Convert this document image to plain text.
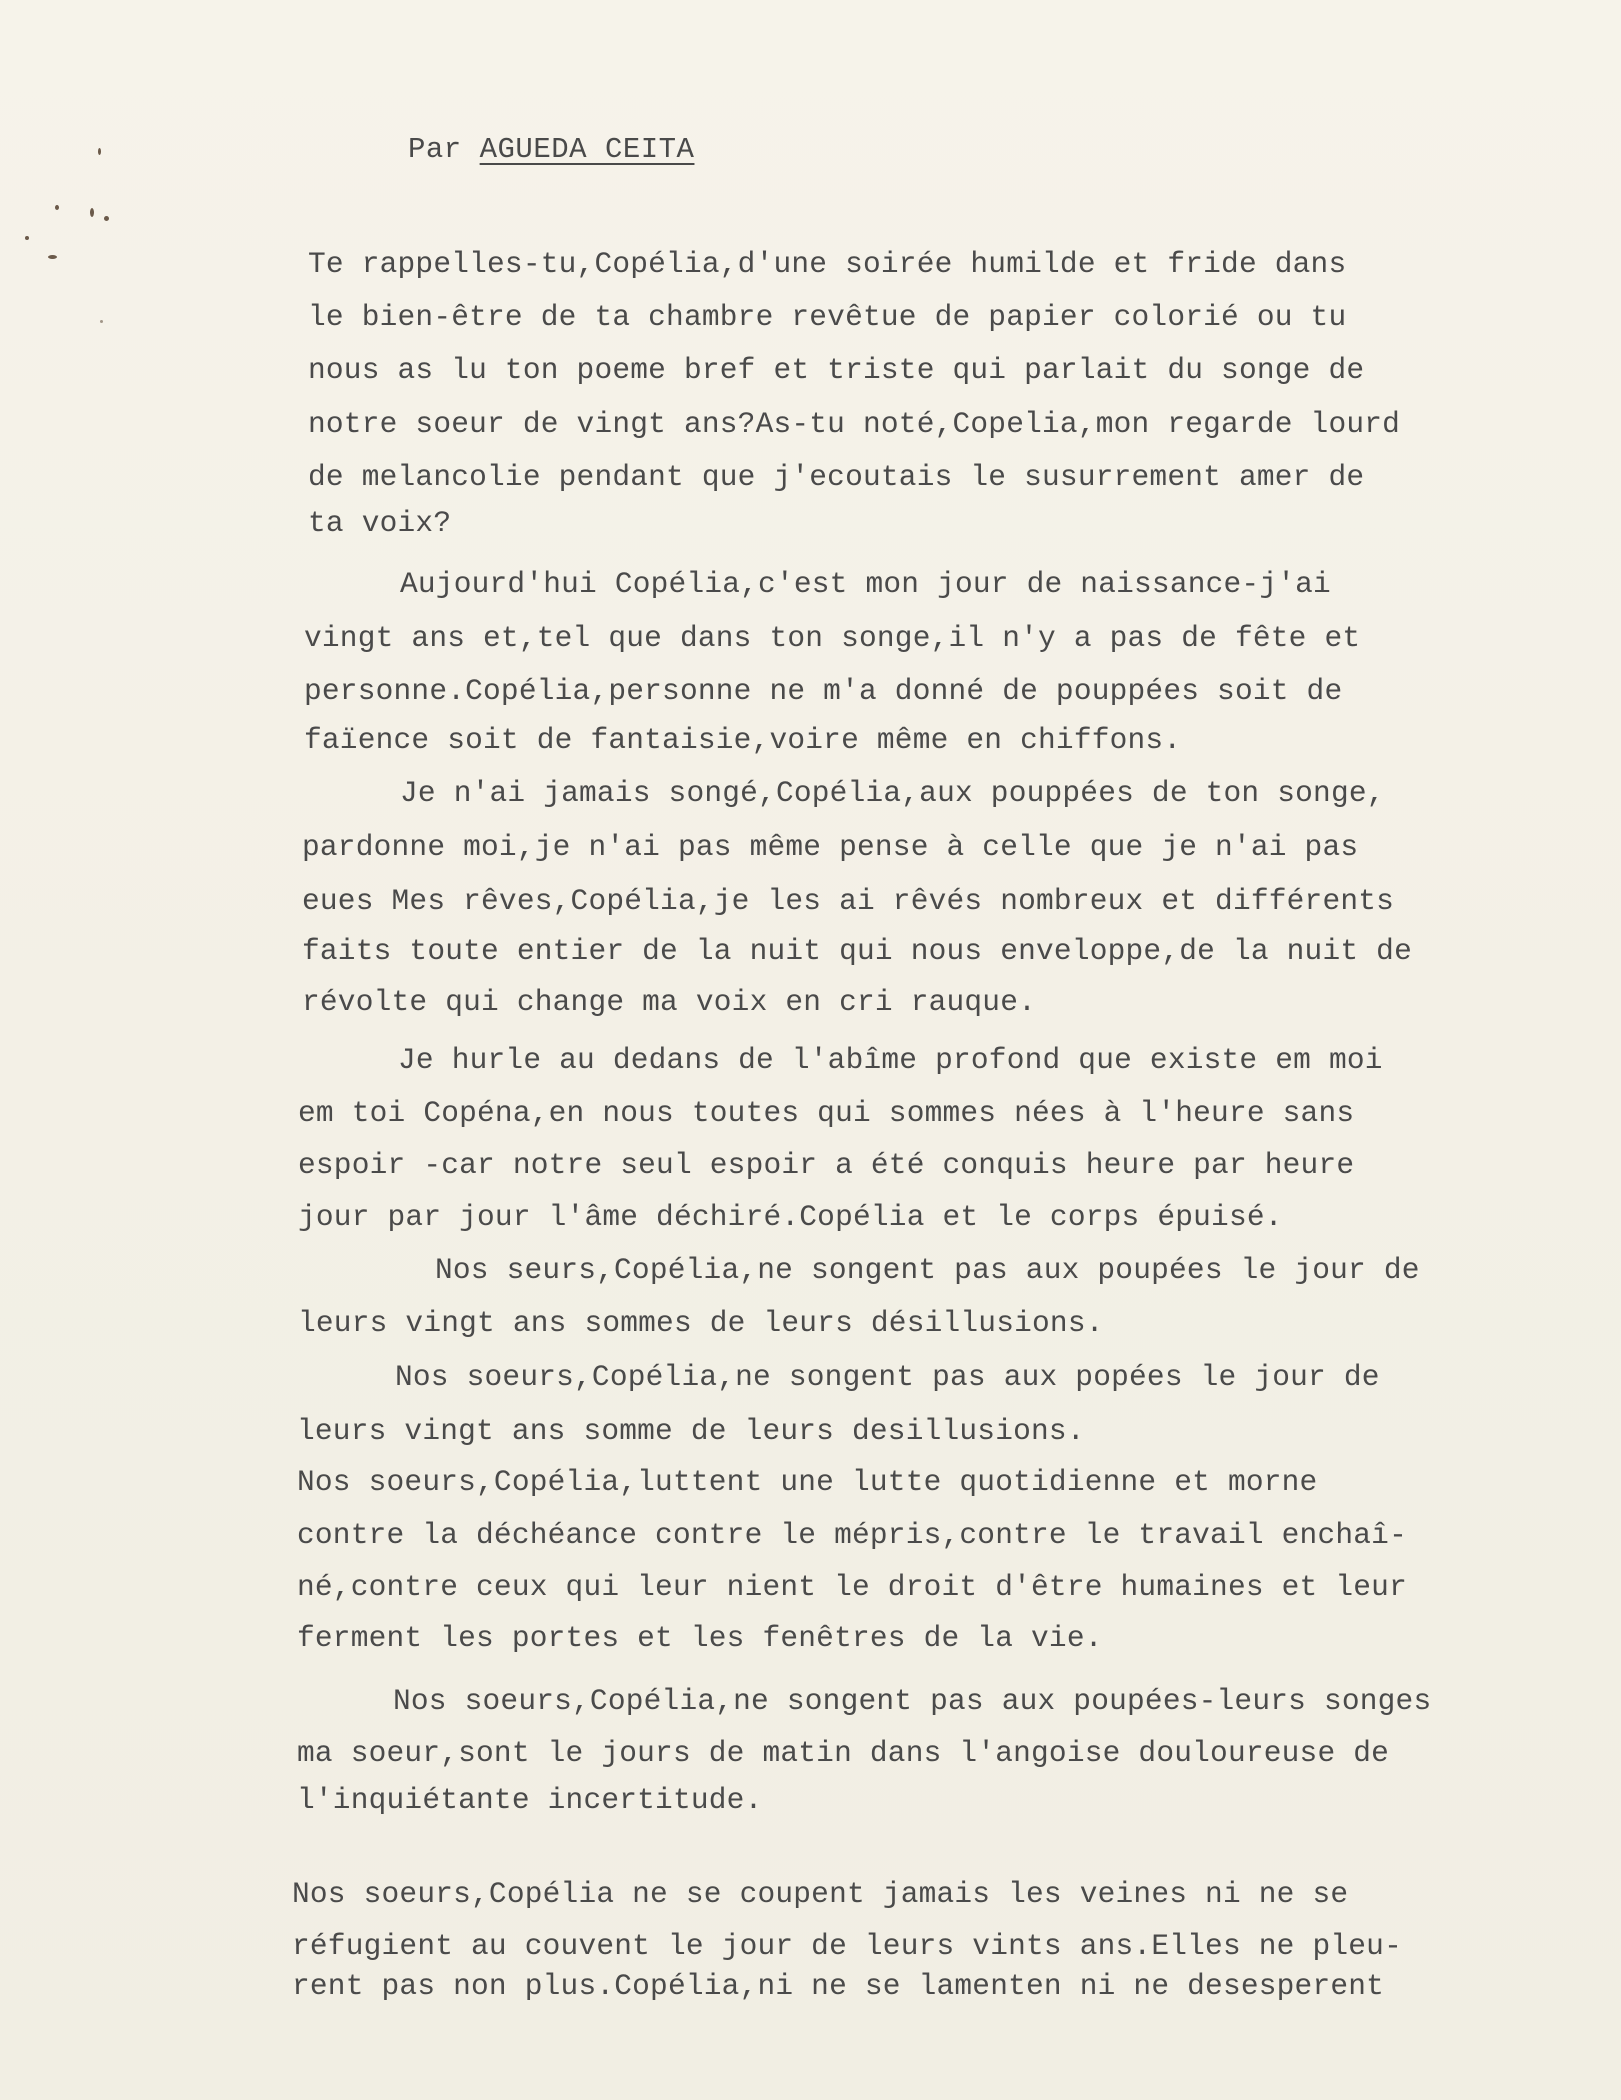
Par AGUEDA CEITA
Te rappelles-tu,Copélia,d'une soirée humilde et fride dans
le bien-être de ta chambre revêtue de papier colorié ou tu
nous as lu ton poeme bref et triste qui parlait du songe de
notre soeur de vingt ans?As-tu noté,Copelia,mon regarde lourd
de melancolie pendant que j'ecoutais le susurrement amer de
ta voix?
Aujourd'hui Copélia,c'est mon jour de naissance-j'ai
vingt ans et,tel que dans ton songe,il n'y a pas de fête et
personne.Copélia,personne ne m'a donné de pouppées soit de
faïence soit de fantaisie,voire même en chiffons.
Je n'ai jamais songé,Copélia,aux pouppées de ton songe,
pardonne moi,je n'ai pas même pense à celle que je n'ai pas
eues Mes rêves,Copélia,je les ai rêvés nombreux et différents
faits toute entier de la nuit qui nous enveloppe,de la nuit de
révolte qui change ma voix en cri rauque.
Je hurle au dedans de l'abîme profond que existe em moi
em toi Copéna,en nous toutes qui sommes nées à l'heure sans
espoir -car notre seul espoir a été conquis heure par heure
jour par jour l'âme déchiré.Copélia et le corps épuisé.
Nos seurs,Copélia,ne songent pas aux poupées le jour de
leurs vingt ans sommes de leurs désillusions.
Nos soeurs,Copélia,ne songent pas aux popées le jour de
leurs vingt ans somme de leurs desillusions.
Nos soeurs,Copélia,luttent une lutte quotidienne et morne
contre la déchéance contre le mépris,contre le travail enchaî-
né,contre ceux qui leur nient le droit d'être humaines et leur
ferment les portes et les fenêtres de la vie.
Nos soeurs,Copélia,ne songent pas aux poupées-leurs songes
ma soeur,sont le jours de matin dans l'angoise douloureuse de
l'inquiétante incertitude.
Nos soeurs,Copélia ne se coupent jamais les veines ni ne se
réfugient au couvent le jour de leurs vints ans.Elles ne pleu-
rent pas non plus.Copélia,ni ne se lamenten ni ne desesperent
